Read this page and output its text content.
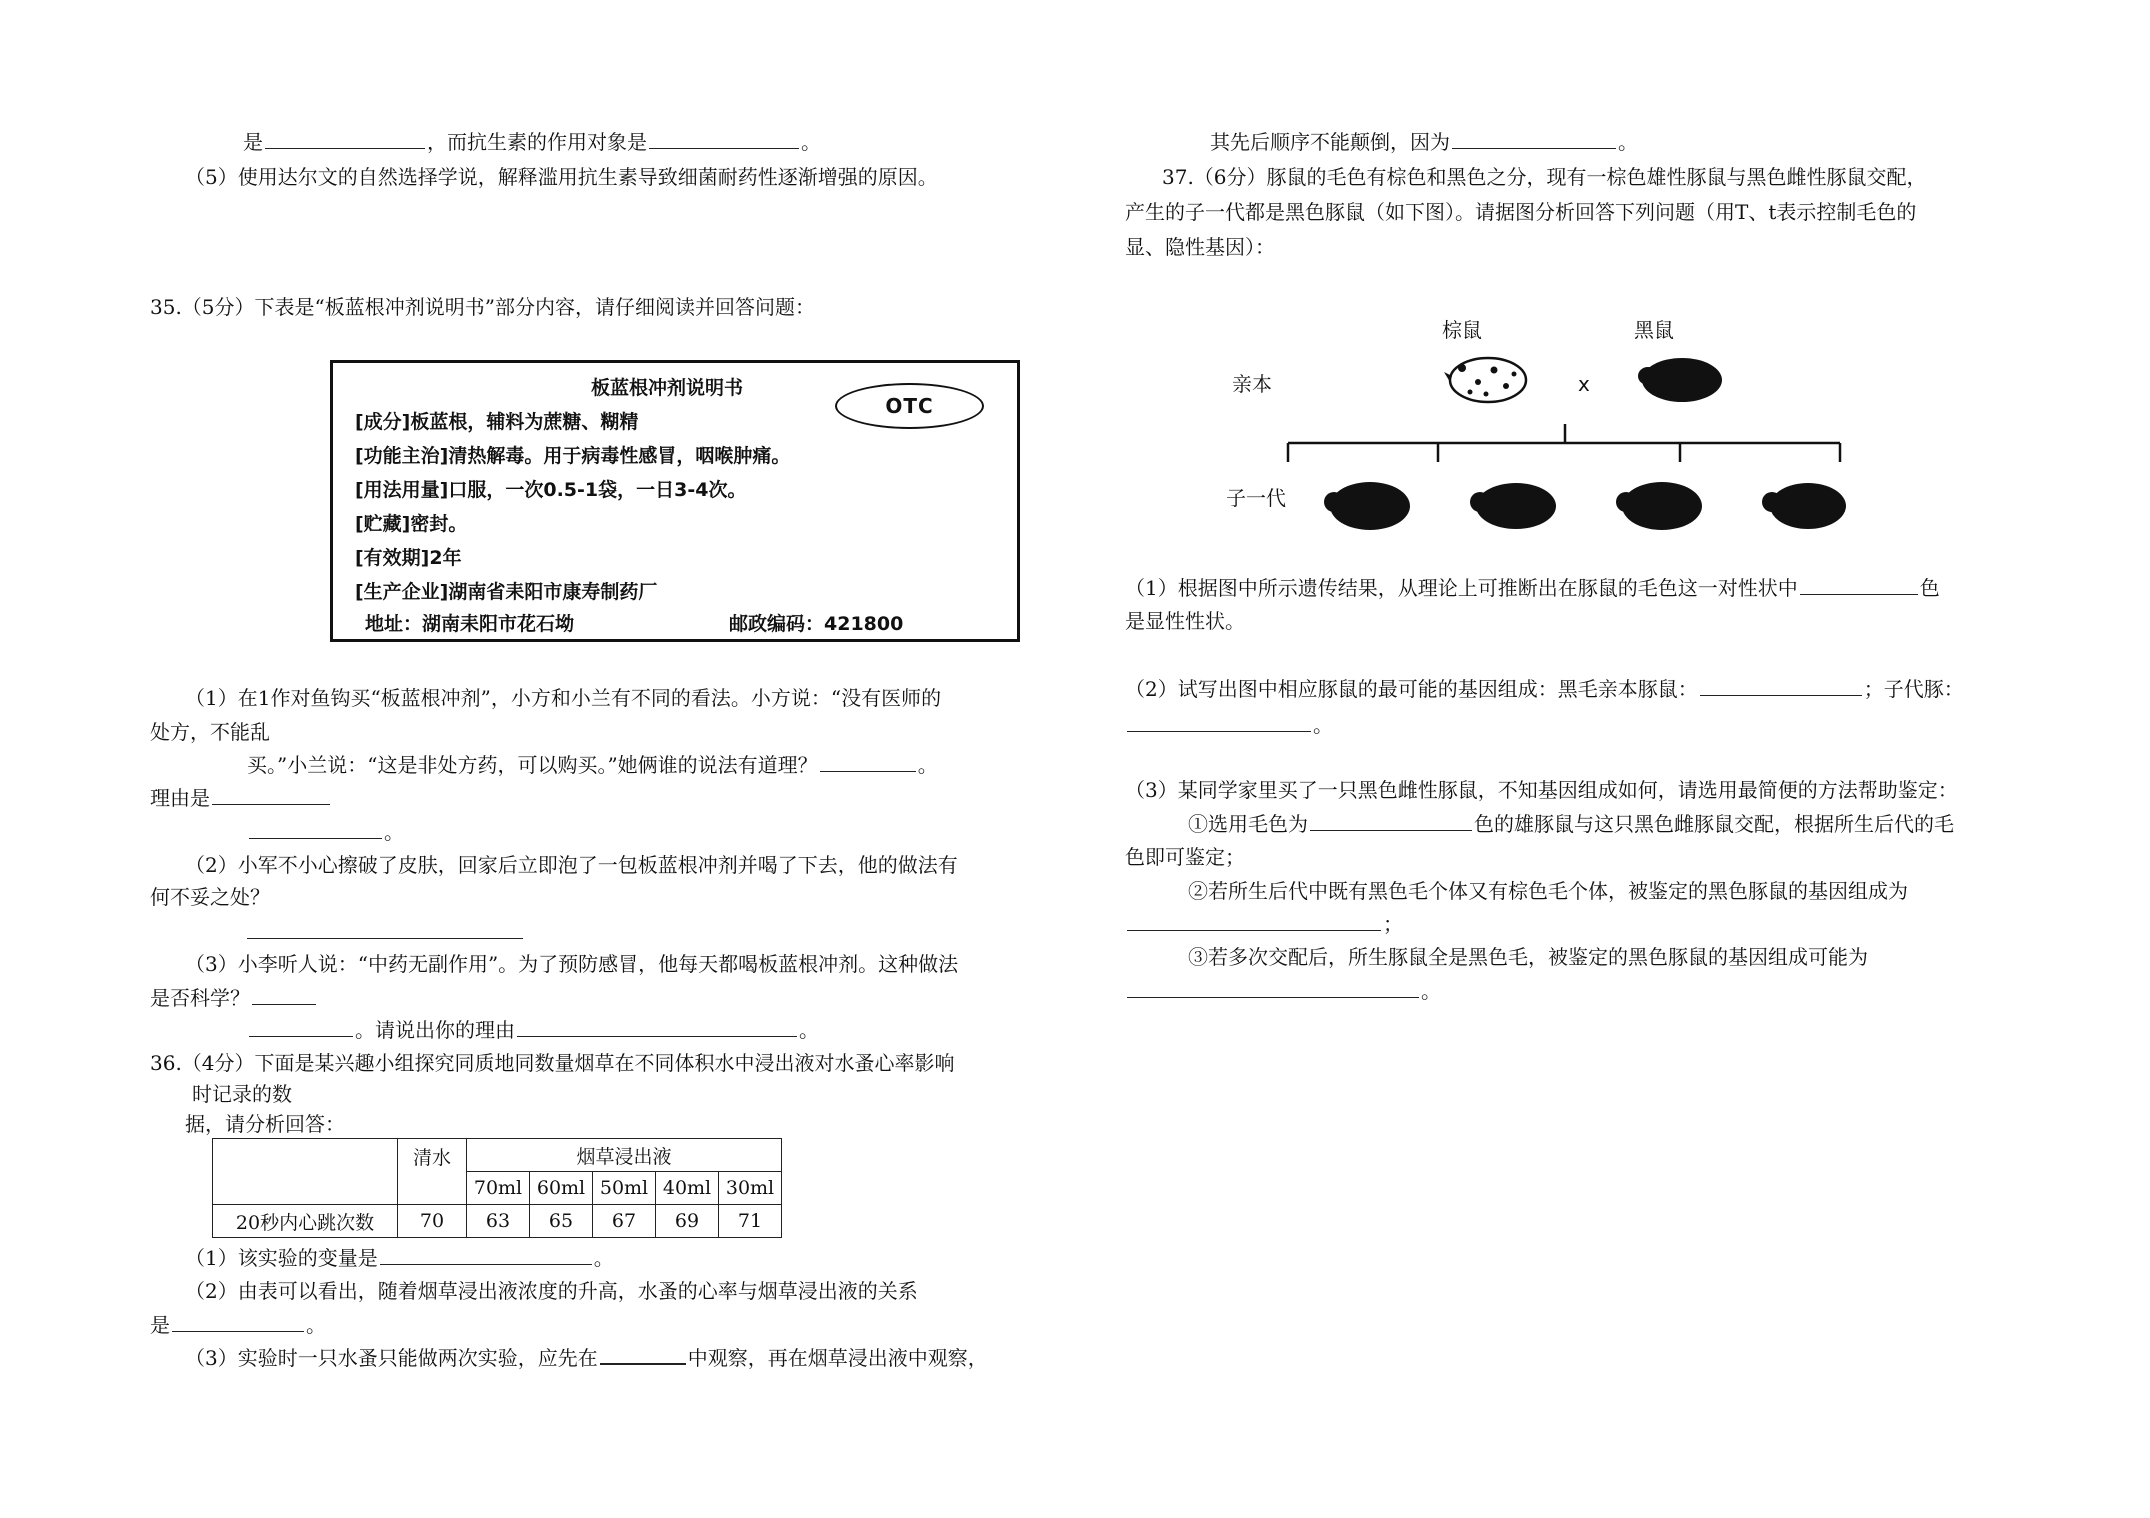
是	，而抗生素的作用对象是	。
（5）使用达尔文的自然选择学说，解释滥用抗生素导致细菌耐药性逐渐增强的原因。
35.（5分）下表是“板蓝根冲剂说明书”部分内容，请仔细阅读并回答问题：
板蓝根冲剂说明书
OTC
[成分]板蓝根，辅料为蔗糖、糊精
[功能主治]清热解毒。用于病毒性感冒，咽喉肿痛。
[用法用量]口服，一次0.5-1袋，一日3-4次。
[贮藏]密封。
[有效期]2年
[生产企业]湖南省耒阳市康寿制药厂
地址：湖南耒阳市花石坳	邮政编码：421800
（1）在1作对鱼钩买“板蓝根冲剂”，小方和小兰有不同的看法。小方说：“没有医师的
处方，不能乱
买。”小兰说：“这是非处方药，可以购买。”她俩谁的说法有道理？	。
理由是
。
（2）小军不小心擦破了皮肤，回家后立即泡了一包板蓝根冲剂并喝了下去，他的做法有
何不妥之处？
（3）小李听人说：“中药无副作用”。为了预防感冒，他每天都喝板蓝根冲剂。这种做法
是否科学？
。请说出你的理由	。
36.（4分）下面是某兴趣小组探究同质地同数量烟草在不同体积水中浸出液对水蚤心率影响
时记录的数
据，请分析回答：
	清水	烟草浸出液				
		70ml	60ml	50ml	40ml	30ml
20秒内心跳次数	70	63	65	67	69	71
（1）该实验的变量是	。
（2）由表可以看出，随着烟草浸出液浓度的升高，水蚤的心率与烟草浸出液的关系
是	。
（3）实验时一只水蚤只能做两次实验，应先在	中观察，再在烟草浸出液中观察，
其先后顺序不能颠倒，因为	。
37.（6分）豚鼠的毛色有棕色和黑色之分，现有一棕色雄性豚鼠与黑色雌性豚鼠交配，
产生的子一代都是黑色豚鼠（如下图）。请据图分析回答下列问题（用T、t表示控制毛色的
显、隐性基因）：
棕鼠	黑鼠
亲本	x
子一代
（1）根据图中所示遗传结果，从理论上可推断出在豚鼠的毛色这一对性状中	色
是显性性状。
（2）试写出图中相应豚鼠的最可能的基因组成：黑毛亲本豚鼠：	；子代豚：
。
（3）某同学家里买了一只黑色雌性豚鼠，不知基因组成如何，请选用最简便的方法帮助鉴定：
①选用毛色为	色的雄豚鼠与这只黑色雌豚鼠交配，根据所生后代的毛
色即可鉴定；
②若所生后代中既有黑色毛个体又有棕色毛个体，被鉴定的黑色豚鼠的基因组成为
；
③若多次交配后，所生豚鼠全是黑色毛，被鉴定的黑色豚鼠的基因组成可能为
。
